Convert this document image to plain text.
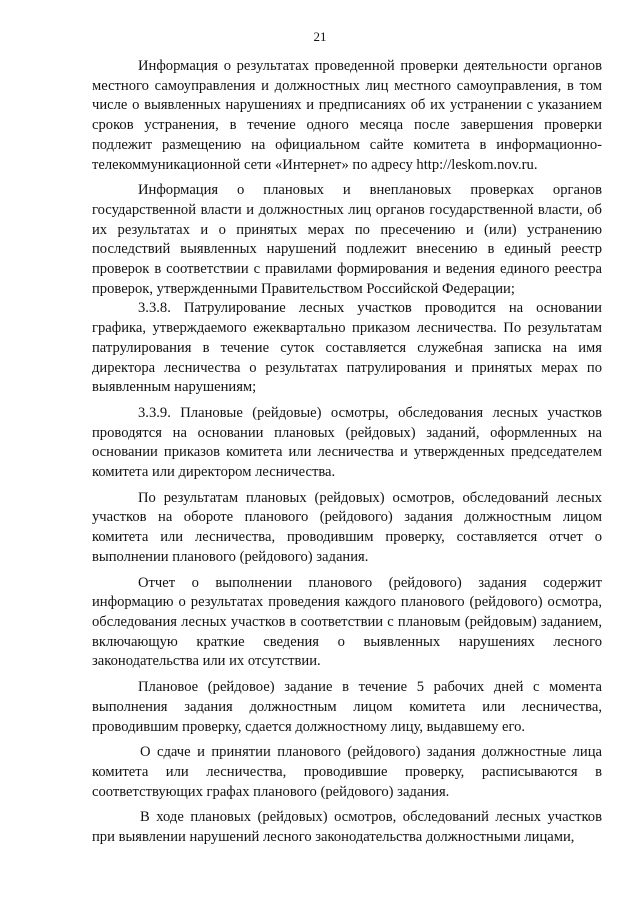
21

Информация о результатах проведенной проверки деятельности органов местного самоуправления и должностных лиц местного самоуправления, в том числе о выявленных нарушениях и предписаниях об их устранении с указанием сроков устранения, в течение одного месяца после завершения проверки подлежит размещению на официальном сайте комитета в информационно-телекоммуникационной сети «Интернет» по адресу http://leskom.nov.ru.

Информация о плановых и внеплановых проверках органов государственной власти и должностных лиц органов государственной власти, об их результатах и о принятых мерах по пресечению и (или) устранению последствий выявленных нарушений подлежит внесению в единый реестр проверок в соответствии с правилами формирования и ведения единого реестра проверок, утвержденными Правительством Российской Федерации;

3.3.8. Патрулирование лесных участков проводится на основании графика, утверждаемого ежеквартально приказом лесничества. По результатам патрулирования в течение суток составляется служебная записка на имя директора лесничества о результатах патрулирования и принятых мерах по выявленным нарушениям;

3.3.9. Плановые (рейдовые) осмотры, обследования лесных участков проводятся на основании плановых (рейдовых) заданий, оформленных на основании приказов комитета или лесничества и утвержденных председателем комитета или директором лесничества.

По результатам плановых (рейдовых) осмотров, обследований лесных участков на обороте планового (рейдового) задания должностным лицом комитета или лесничества, проводившим проверку, составляется отчет о выполнении планового (рейдового) задания.

Отчет о выполнении планового (рейдового) задания содержит информацию о результатах проведения каждого планового (рейдового) осмотра, обследования лесных участков в соответствии с плановым (рейдовым) заданием, включающую краткие сведения о выявленных нарушениях лесного законодательства или их отсутствии.

Плановое (рейдовое) задание в течение 5 рабочих дней с момента выполнения задания должностным лицом комитета или лесничества, проводившим проверку, сдается должностному лицу, выдавшему его.

О сдаче и принятии планового (рейдового) задания должностные лица комитета или лесничества, проводившие проверку, расписываются в соответствующих графах планового (рейдового) задания.

В ходе плановых (рейдовых) осмотров, обследований лесных участков при выявлении нарушений лесного законодательства должностными лицами,
